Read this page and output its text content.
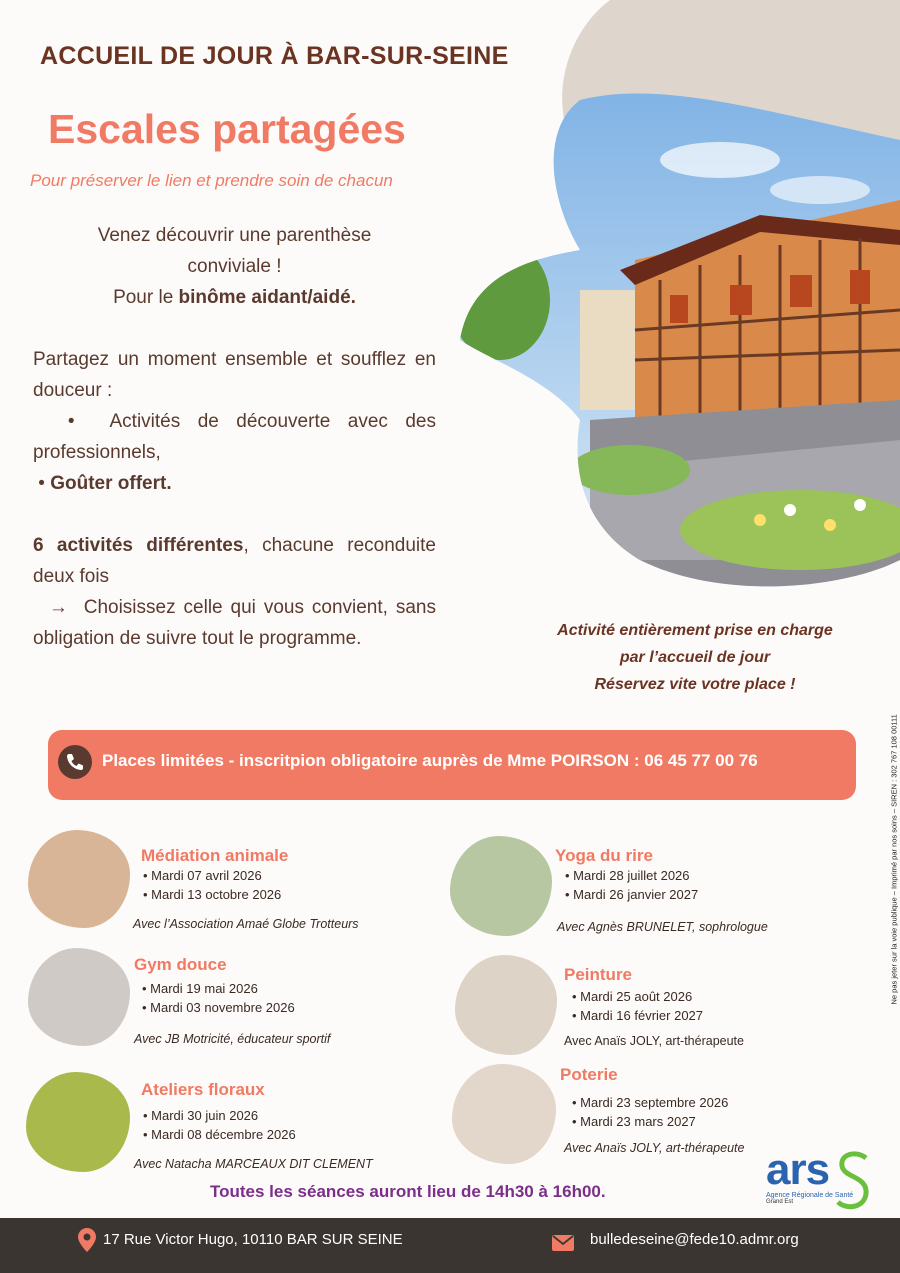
ACCUEIL DE JOUR À BAR-SUR-SEINE
Escales partagées
Pour préserver le lien et prendre soin de chacun
Venez découvrir une parenthèse
conviviale !
Pour le binôme aidant/aidé.
Partagez un moment ensemble et soufflez en douceur :
•  Activités de découverte avec des professionnels,
• Goûter offert.
6 activités différentes, chacune reconduite deux fois
→  Choisissez celle qui vous convient, sans obligation de suivre tout le programme.	Activité entièrement prise en charge
par l’accueil de jour
Réservez vite votre place !
Ne pas jeter sur la voie publique – Imprimé par nos soins – SIREN : 302 767 108 00111
Places limitées - inscritpion obligatoire auprès de Mme POIRSON : 06 45 77 00 76
Médiation animale
• Mardi 07 avril 2026
• Mardi 13 octobre 2026
Avec l’Association Amaé Globe Trotteurs
Yoga du rire
• Mardi 28 juillet 2026
• Mardi 26 janvier 2027
Avec Agnès BRUNELET, sophrologue
Gym douce
• Mardi 19 mai 2026
• Mardi 03 novembre 2026
Avec JB Motricité, éducateur sportif
Peinture
• Mardi 25 août 2026
• Mardi 16 février 2027
Avec Anaïs JOLY, art-thérapeute
Ateliers floraux
• Mardi 30 juin 2026
• Mardi 08 décembre 2026
Avec Natacha MARCEAUX DIT CLEMENT
Poterie
• Mardi 23 septembre 2026
• Mardi 23 mars 2027
Avec Anaïs JOLY, art-thérapeute
Toutes les séances auront lieu de 14h30 à 16h00.	ars
Agence Régionale de Santé
Grand Est
17 Rue Victor Hugo, 10110 BAR SUR SEINE	bulledeseine@fede10.admr.org
